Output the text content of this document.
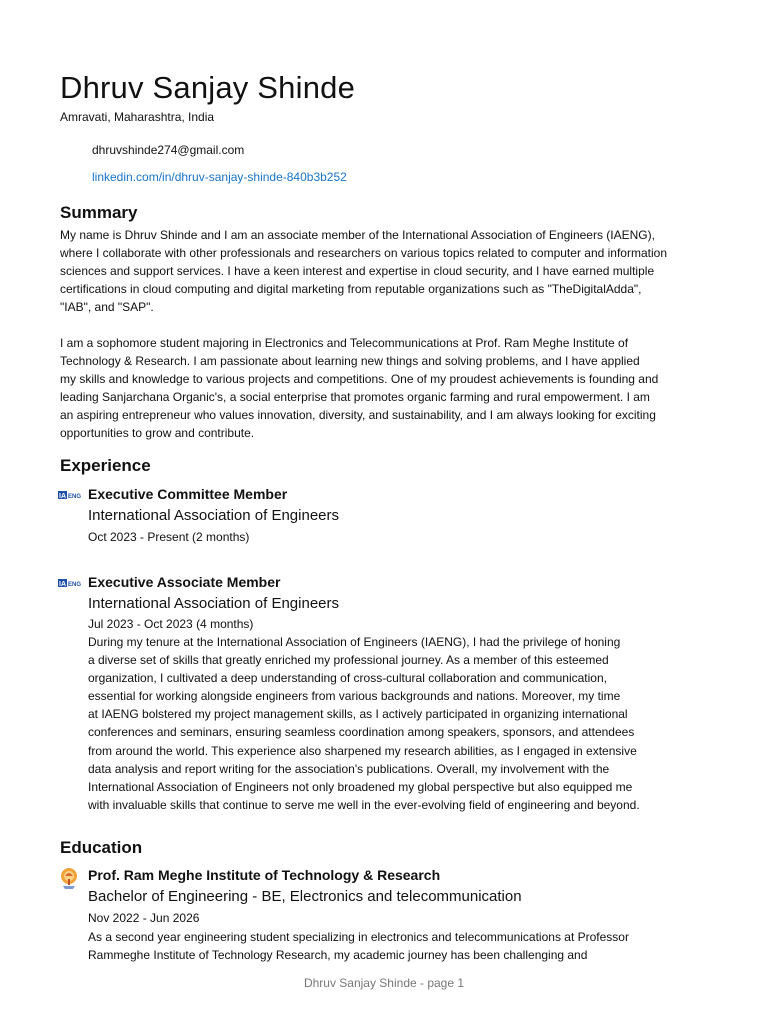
Dhruv Sanjay Shinde
Amravati, Maharashtra, India
dhruvshinde274@gmail.com
linkedin.com/in/dhruv-sanjay-shinde-840b3b252
Summary

My name is Dhruv Shinde and I am an associate member of the International Association of Engineers (IAENG),
where I collaborate with other professionals and researchers on various topics related to computer and information
sciences and support services. I have a keen interest and expertise in cloud security, and I have earned multiple
certifications in cloud computing and digital marketing from reputable organizations such as "TheDigitalAdda",
"IAB", and "SAP".

I am a sophomore student majoring in Electronics and Telecommunications at Prof. Ram Meghe Institute of
Technology & Research. I am passionate about learning new things and solving problems, and I have applied
my skills and knowledge to various projects and competitions. One of my proudest achievements is founding and
leading Sanjarchana Organic's, a social enterprise that promotes organic farming and rural empowerment. I am
an aspiring entrepreneur who values innovation, diversity, and sustainability, and I am always looking for exciting
opportunities to grow and contribute.

Experience
IA ENG Executive Committee Member
International Association of Engineers
Oct 2023 - Present (2 months)
IA ENG Executive Associate Member
International Association of Engineers
Jul 2023 - Oct 2023 (4 months)

During my tenure at the International Association of Engineers (IAENG), I had the privilege of honing
a diverse set of skills that greatly enriched my professional journey. As a member of this esteemed
organization, I cultivated a deep understanding of cross-cultural collaboration and communication,
essential for working alongside engineers from various backgrounds and nations. Moreover, my time
at IAENG bolstered my project management skills, as I actively participated in organizing international
conferences and seminars, ensuring seamless coordination among speakers, sponsors, and attendees
from around the world. This experience also sharpened my research abilities, as I engaged in extensive
data analysis and report writing for the association's publications. Overall, my involvement with the
International Association of Engineers not only broadened my global perspective but also equipped me
with invaluable skills that continue to serve me well in the ever-evolving field of engineering and beyond.

Education
Prof. Ram Meghe Institute of Technology & Research
Bachelor of Engineering - BE, Electronics and telecommunication
Nov 2022 - Jun 2026

As a second year engineering student specializing in electronics and telecommunications at Professor
Rammeghe Institute of Technology Research, my academic journey has been challenging and

Dhruv Sanjay Shinde - page 1
